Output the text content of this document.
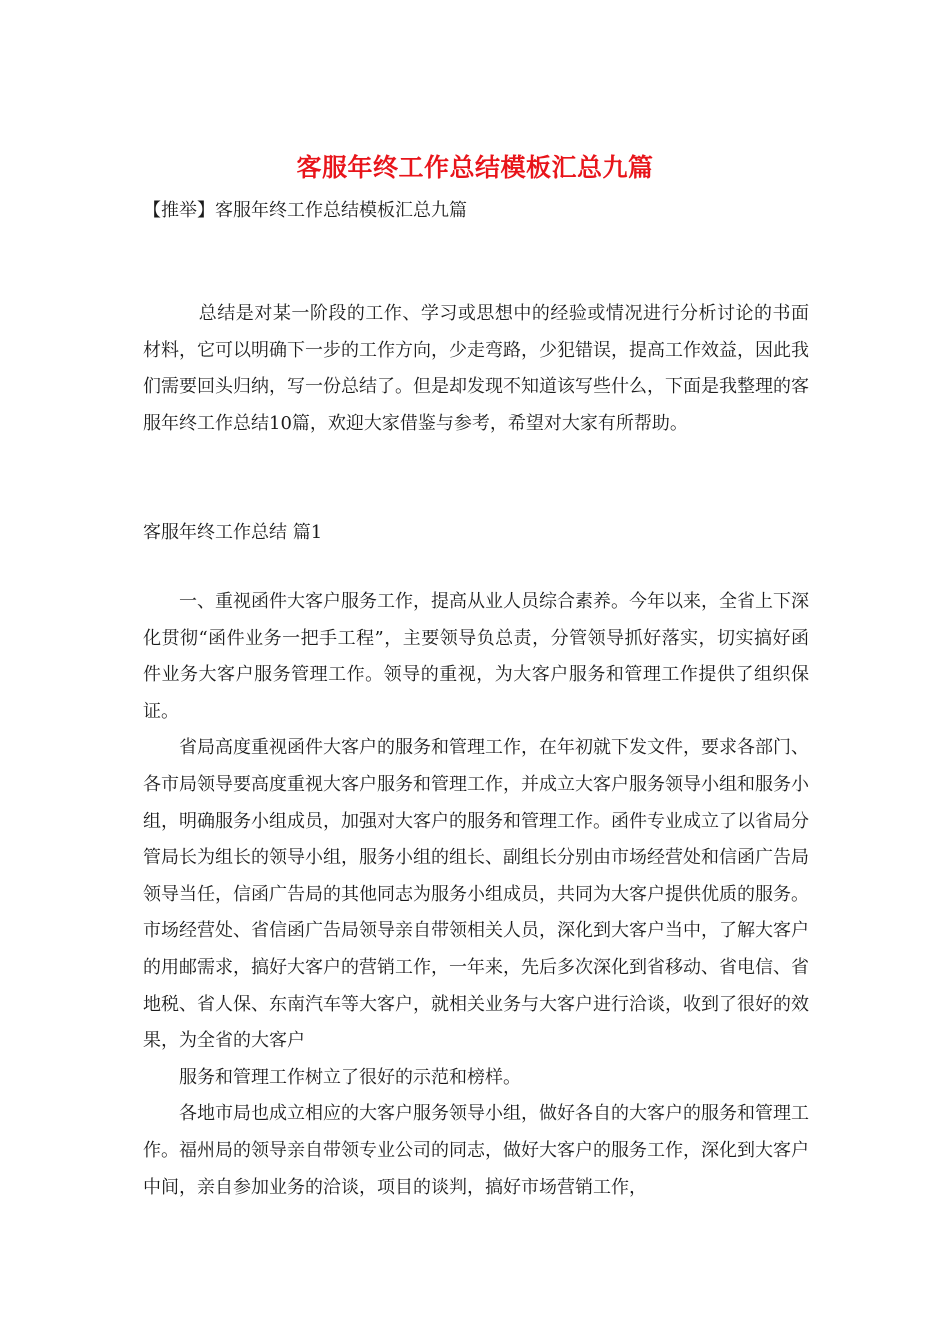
客服年终工作总结模板汇总九篇
【推举】客服年终工作总结模板汇总九篇

总结是对某一阶段的工作、学习或思想中的经验或情况进行分析讨论的书面材料，它可以明确下一步的工作方向，少走弯路，少犯错误，提高工作效益，因此我们需要回头归纳，写一份总结了。但是却发现不知道该写些什么，下面是我整理的客服年终工作总结10篇，欢迎大家借鉴与参考，希望对大家有所帮助。

客服年终工作总结 篇1

一、重视函件大客户服务工作，提高从业人员综合素养。今年以来，全省上下深化贯彻“函件业务一把手工程”，主要领导负总责，分管领导抓好落实，切实搞好函件业务大客户服务管理工作。领导的重视，为大客户服务和管理工作提供了组织保证。

省局高度重视函件大客户的服务和管理工作，在年初就下发文件，要求各部门、各市局领导要高度重视大客户服务和管理工作，并成立大客户服务领导小组和服务小组，明确服务小组成员，加强对大客户的服务和管理工作。函件专业成立了以省局分管局长为组长的领导小组，服务小组的组长、副组长分别由市场经营处和信函广告局领导当任，信函广告局的其他同志为服务小组成员，共同为大客户提供优质的服务。市场经营处、省信函广告局领导亲自带领相关人员，深化到大客户当中，了解大客户的用邮需求，搞好大客户的营销工作，一年来，先后多次深化到省移动、省电信、省地税、省人保、东南汽车等大客户，就相关业务与大客户进行洽谈，收到了很好的效果，为全省的大客户

服务和管理工作树立了很好的示范和榜样。

各地市局也成立相应的大客户服务领导小组，做好各自的大客户的服务和管理工作。福州局的领导亲自带领专业公司的同志，做好大客户的服务工作，深化到大客户中间，亲自参加业务的洽谈，项目的谈判，搞好市场营销工作，
